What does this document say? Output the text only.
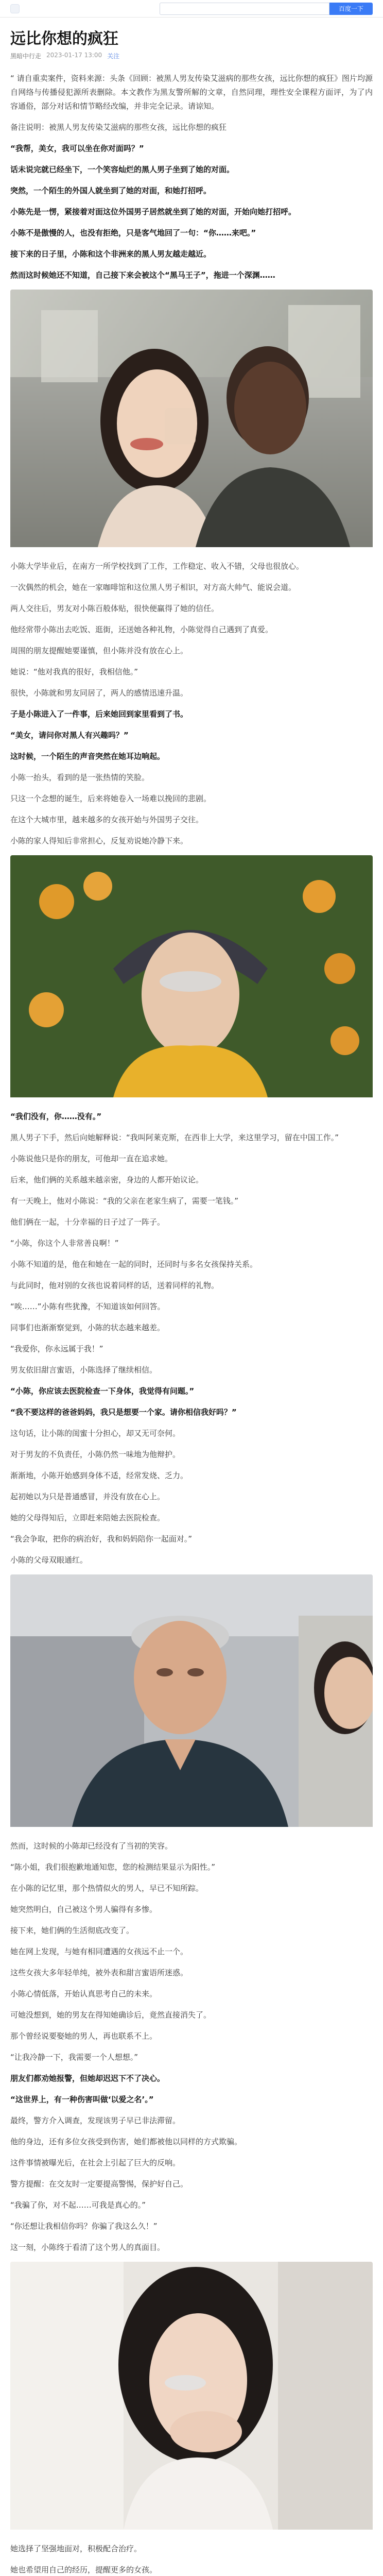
百度一下
远比你想的疯狂
黑暗中行走 2023-01-17 13:00 关注

“ 请自重卖案件，资料来源：头条《回顾：被黑人男友传染艾滋病的那些女孩，远比你想的疯狂》图片均源自网络与传播侵犯源所表删除。本文教作为黑友警所解的文章，自然同理，理性安全课程方面评，为了内容通俗，部分对话和情节略经改编，并非完全记录。请谅知。

备注说明：被黑人男友传染艾滋病的那些女孩，远比你想的疯狂

“我帮，美女，我可以坐在你对面吗？”

话未说完就已经坐下，一个笑容灿烂的黑人男子坐到了她的对面。

突然，一个陌生的外国人就坐到了她的对面，和她打招呼。

小陈先是一愣，紧接着对面这位外国男子居然就坐到了她的对面，开始向她打招呼。

小陈不是傲慢的人，也没有拒绝，只是客气地回了一句：“你……来吧。”

接下来的日子里，小陈和这个非洲来的黑人男友越走越近。

然而这时候她还不知道，自己接下来会被这个“黑马王子”，拖进一个深渊……

小陈大学毕业后，在南方一所学校找到了工作，工作稳定、收入不错，父母也很放心。

一次偶然的机会，她在一家咖啡馆和这位黑人男子相识，对方高大帅气、能说会道。

两人交往后，男友对小陈百般体贴，很快便赢得了她的信任。

他经常带小陈出去吃饭、逛街，还送她各种礼物，小陈觉得自己遇到了真爱。

周围的朋友提醒她要谨慎，但小陈并没有放在心上。

她说：“他对我真的很好，我相信他。”

很快，小陈就和男友同居了，两人的感情迅速升温。

子是小陈进入了一件事，后来她回到家里看到了书。

“美女，请问你对黑人有兴趣吗？”

这时候，一个陌生的声音突然在她耳边响起。

小陈一抬头，看到的是一张热情的笑脸。

只这一个念想的诞生，后来将她卷入一场难以挽回的悲剧。

在这个大城市里，越来越多的女孩开始与外国男子交往。

小陈的家人得知后非常担心，反复劝说她冷静下来。

“我们没有，你……没有。”

黑人男子下手，然后向她解释说：“我叫阿莱克斯，在西非上大学，来这里学习，留在中国工作。”

小陈说他只是你的朋友，可他却一直在追求她。

后来，他们俩的关系越来越亲密，身边的人都开始议论。

有一天晚上，他对小陈说：“我的父亲在老家生病了，需要一笔钱。”

他们俩在一起，十分幸福的日子过了一阵子。

“小陈，你这个人非常善良啊！”

小陈不知道的是，他在和她在一起的同时，还同时与多名女孩保持关系。

与此同时，他对别的女孩也说着同样的话，送着同样的礼物。

“唉……”小陈有些犹豫，不知道该如何回答。

同事们也渐渐察觉到，小陈的状态越来越差。

“我爱你，你永远属于我！”

男友依旧甜言蜜语，小陈选择了继续相信。

“小陈，你应该去医院检查一下身体，我觉得有问题。”

“我不要这样的爸爸妈妈，我只是想要一个家。请你相信我好吗？”

这句话，让小陈的闺蜜十分担心，却又无可奈何。

对于男友的不负责任，小陈仍然一味地为他辩护。

渐渐地，小陈开始感到身体不适，经常发烧、乏力。

起初她以为只是普通感冒，并没有放在心上。

她的父母得知后，立即赶来陪她去医院检查。

“我会争取，把你的病治好，我和妈妈陪你一起面对。”

小陈的父母双眼通红。

然而，这时候的小陈却已经没有了当初的笑容。

“陈小姐，我们很抱歉地通知您，您的检测结果显示为阳性。”

在小陈的记忆里，那个热情似火的男人，早已不知所踪。

她突然明白，自己被这个男人骗得有多惨。

接下来，她们俩的生活彻底改变了。

她在网上发现，与她有相同遭遇的女孩远不止一个。

这些女孩大多年轻单纯，被外表和甜言蜜语所迷惑。

小陈心情低落，开始认真思考自己的未来。

可她没想到，她的男友在得知她确诊后，竟然直接消失了。

那个曾经说要娶她的男人，再也联系不上。

“让我冷静一下，我需要一个人想想。”

朋友们都劝她报警，但她却迟迟下不了决心。

“这世界上，有一种伤害叫做‘以爱之名’。”

最终，警方介入调查，发现该男子早已非法滞留。

他的身边，还有多位女孩受到伤害，她们都被他以同样的方式欺骗。

这件事情被曝光后，在社会上引起了巨大的反响。

警方提醒：在交友时一定要提高警惕，保护好自己。

“我骗了你，对不起……可我是真心的。”

“你还想让我相信你吗？你骗了我这么久！”

这一刻，小陈终于看清了这个男人的真面目。

她选择了坚强地面对，积极配合治疗。

她也希望用自己的经历，提醒更多的女孩。
